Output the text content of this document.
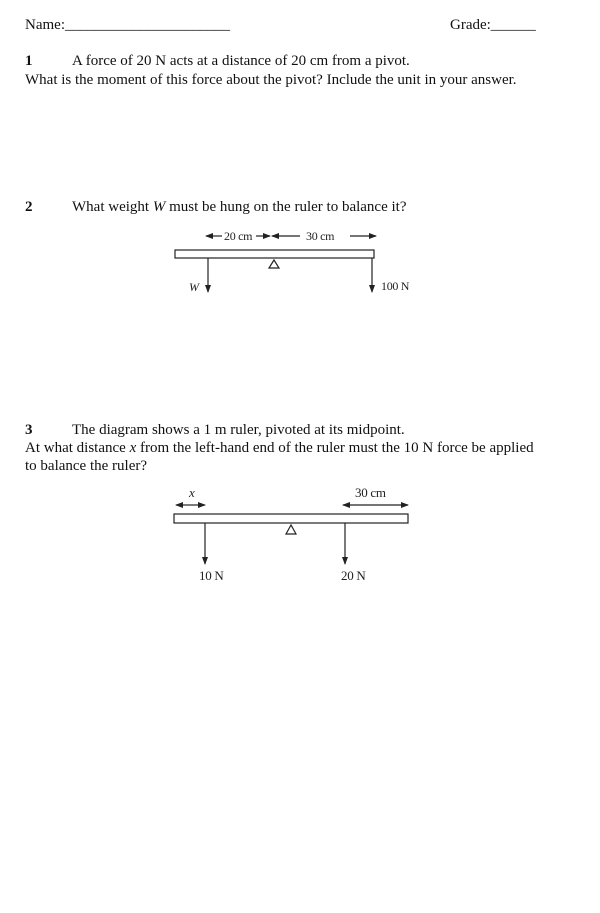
Name:______________________	Grade:______
1	A force of 20 N acts at a distance of 20 cm from a pivot.
What is the moment of this force about the pivot? Include the unit in your answer.
2	What weight W must be hung on the ruler to balance it?
20 cm	30 cm
W	100 N
3	The diagram shows a 1 m ruler, pivoted at its midpoint.
At what distance x from the left-hand end of the ruler must the 10 N force be applied
to balance the ruler?
x	30 cm
10 N	20 N
